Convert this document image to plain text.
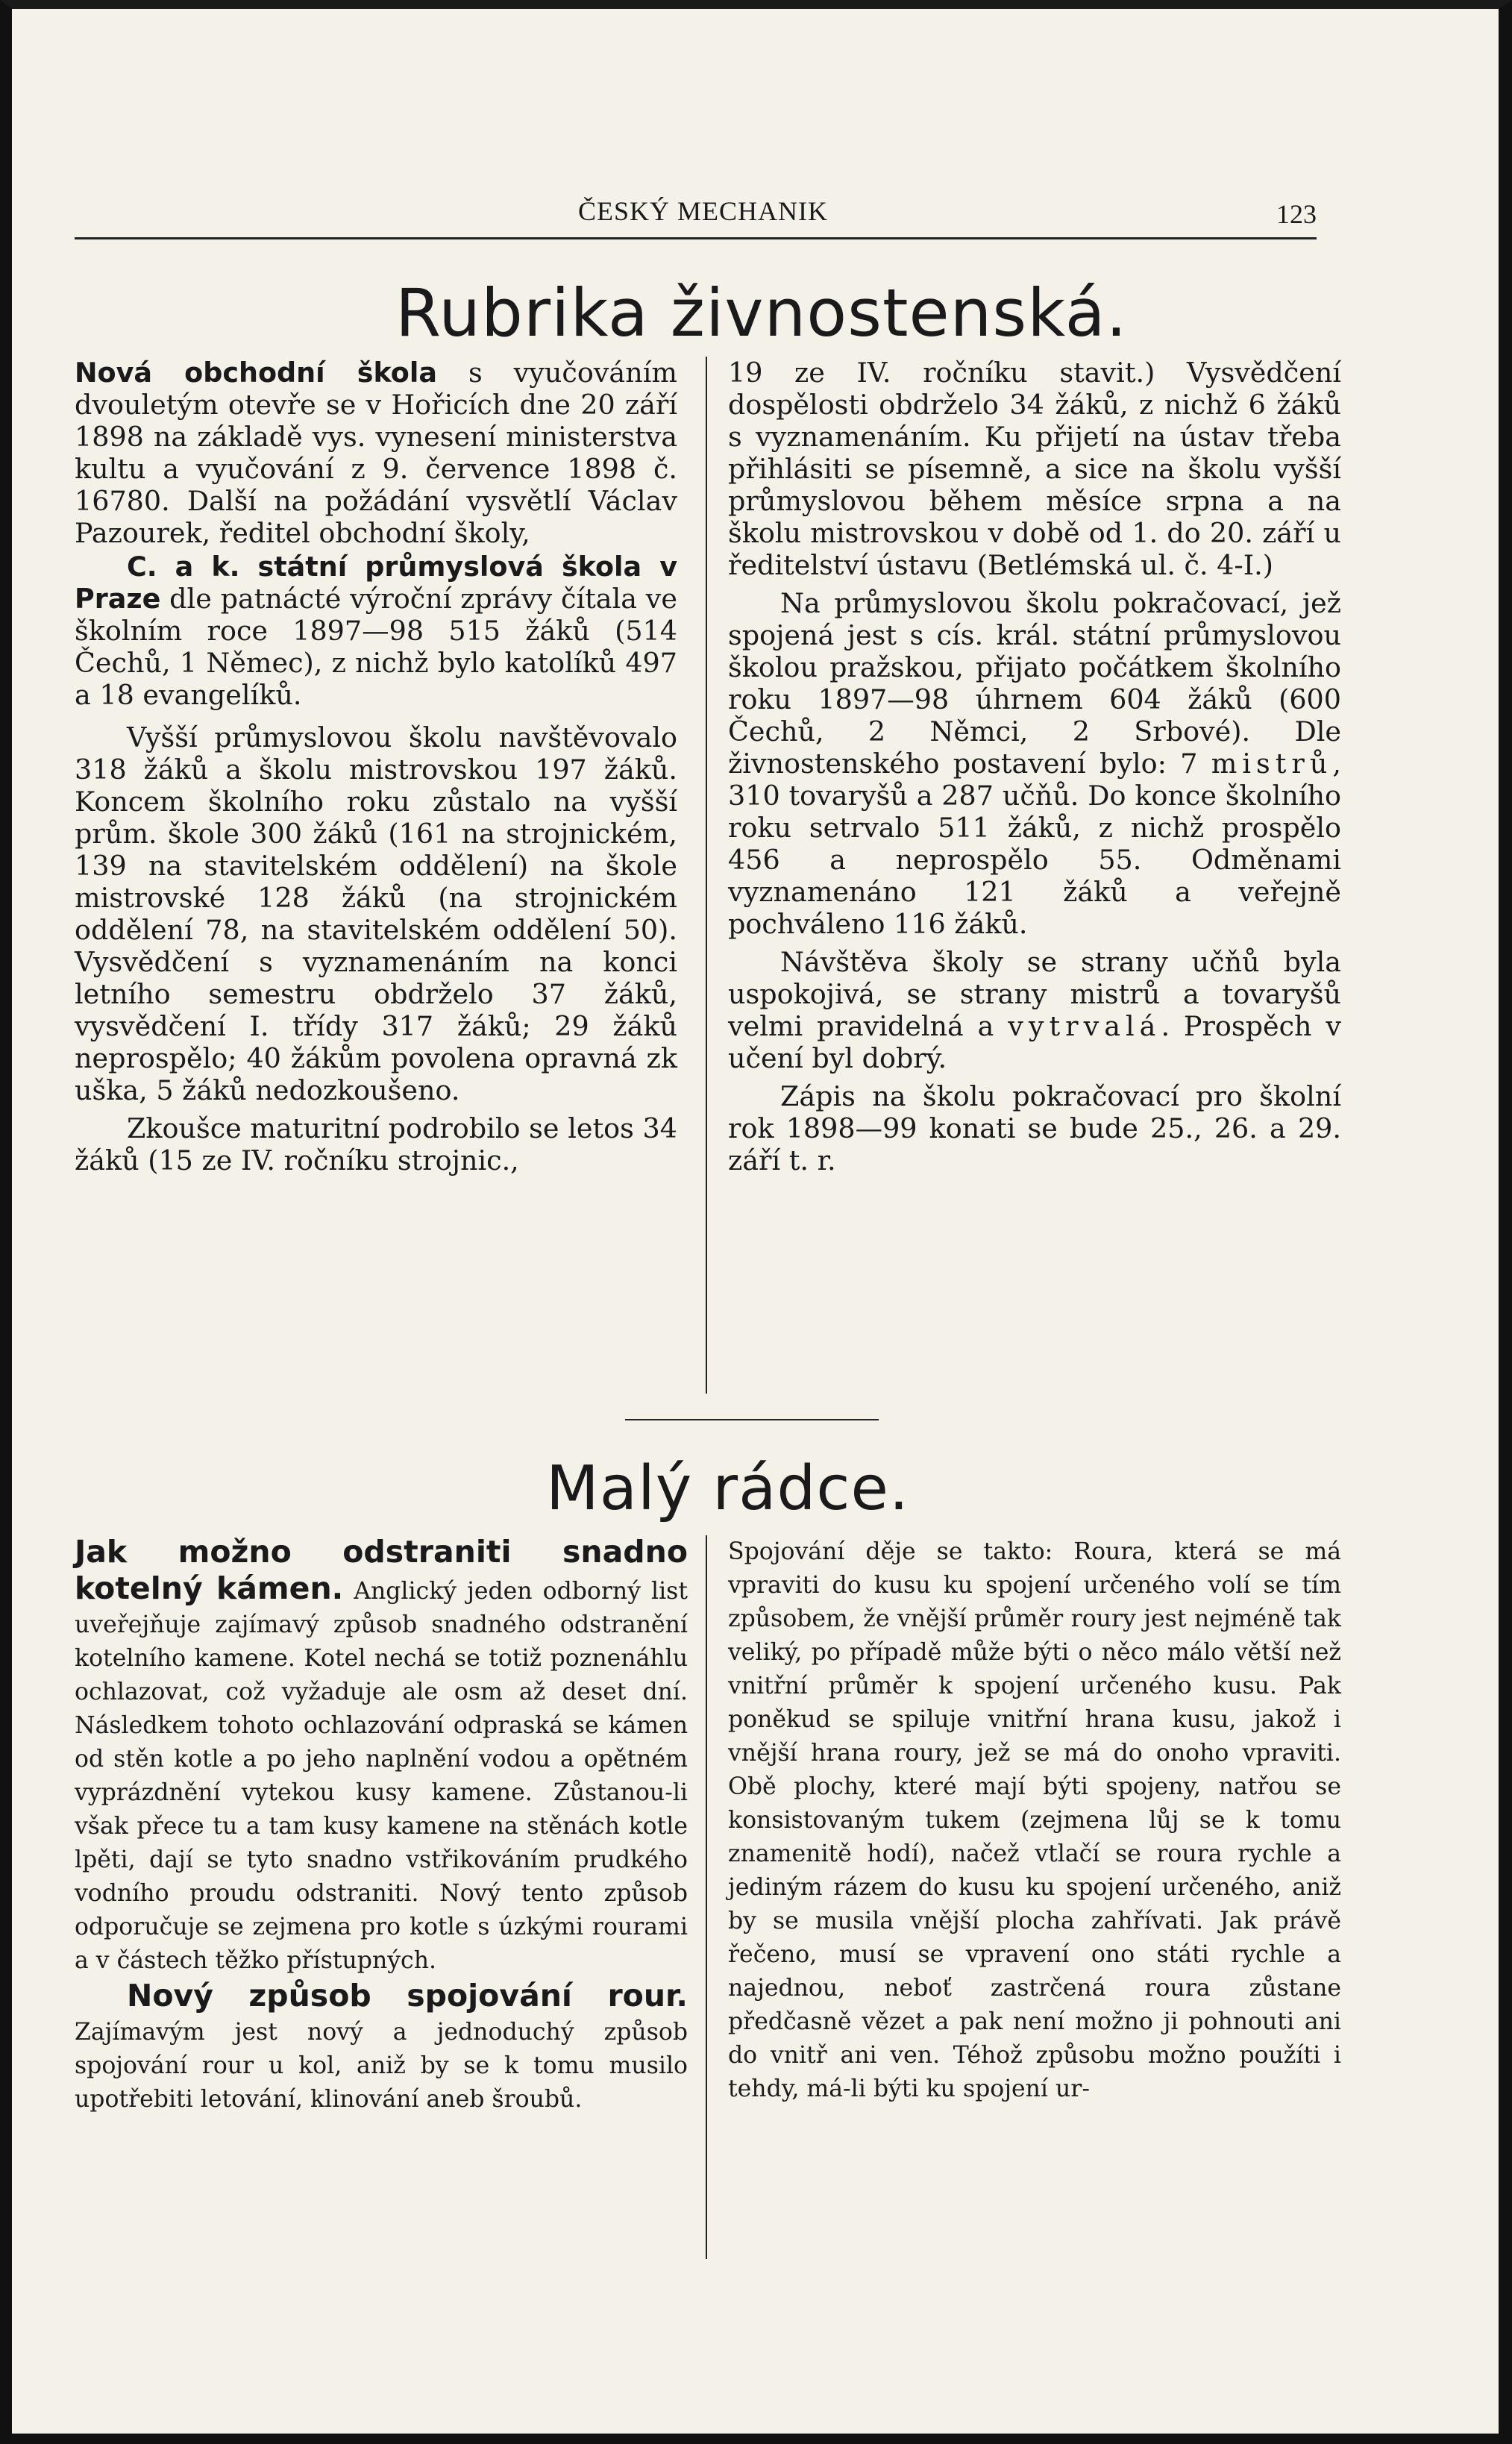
ČESKÝ MECHANIK	123
Rubrika živnostenská.

Nová obchodní škola s vyučováním dvouletým otevře se v Hořicích dne 20 září 1898 na základě vys. vynesení ministerstva kultu a vyučování z 9. července 1898 č. 16780. Další na požádání vysvětlí Václav Pazourek, ředitel obchodní školy,

C. a k. státní průmyslová škola v Praze dle patnácté výroční zprávy čítala ve školním roce 1897—98 515 žáků (514 Čechů, 1 Němec), z nichž bylo katolíků 497 a 18 evangelíků.

Vyšší průmyslovou školu navštěvovalo 318 žáků a školu mistrovskou 197 žáků. Koncem školního roku zůstalo na vyšší prům. škole 300 žáků (161 na strojnickém, 139 na stavitelském oddělení) na škole mistrovské 128 žáků (na strojnickém oddělení 78, na stavitelském oddělení 50). Vysvědčení s vyznamenáním na konci letního semestru obdrželo 37 žáků, vysvědčení I. třídy 317 žáků; 29 žáků neprospělo; 40 žákům povolena opravná zk uška, 5 žáků nedozkoušeno.

Zkoušce maturitní podrobilo se letos 34 žáků (15 ze IV. ročníku strojnic.,

19 ze IV. ročníku stavit.) Vysvědčení dospělosti obdrželo 34 žáků, z nichž 6 žáků s vyznamenáním. Ku přijetí na ústav třeba přihlásiti se písemně, a sice na školu vyšší průmyslovou během měsíce srpna a na školu mistrovskou v době od 1. do 20. září u ředitelství ústavu (Betlémská ul. č. 4-I.)

Na průmyslovou školu pokračovací, jež spojená jest s cís. král. státní průmyslovou školou pražskou, přijato počátkem školního roku 1897—98 úhrnem 604 žáků (600 Čechů, 2 Němci, 2 Srbové). Dle živnostenského postavení bylo: 7 mistrů, 310 tovaryšů a 287 učňů. Do konce školního roku setrvalo 511 žáků, z nichž prospělo 456 a neprospělo 55. Odměnami vyznamenáno 121 žáků a veřejně pochváleno 116 žáků.

Návštěva školy se strany učňů byla uspokojivá, se strany mistrů a tovaryšů velmi pravidelná a vytrvalá. Prospěch v učení byl dobrý.

Zápis na školu pokračovací pro školní rok 1898—99 konati se bude 25., 26. a 29. září t. r.

Malý rádce.

Jak možno odstraniti snadno kotelný kámen. Anglický jeden odborný list uveřejňuje zajímavý způsob snadného odstranění kotelního kamene. Kotel nechá se totiž poznenáhlu ochlazovat, což vyžaduje ale osm až deset dní. Následkem tohoto ochlazování odpraská se kámen od stěn kotle a po jeho naplnění vodou a opětném vyprázdnění vytekou kusy kamene. Zůstanou-li však přece tu a tam kusy kamene na stěnách kotle lpěti, dají se tyto snadno vstřikováním prudkého vodního proudu odstraniti. Nový tento způsob odporučuje se zejmena pro kotle s úzkými rourami a v částech těžko přístupných.

Nový způsob spojování rour. Zajímavým jest nový a jednoduchý způsob spojování rour u kol, aniž by se k tomu musilo upotřebiti letování, klinování aneb šroubů.

Spojování děje se takto: Roura, která se má vpraviti do kusu ku spojení určeného volí se tím způsobem, že vnější průměr roury jest nejméně tak veliký, po případě může býti o něco málo větší než vnitřní průměr k spojení určeného kusu. Pak poněkud se spiluje vnitřní hrana kusu, jakož i vnější hrana roury, jež se má do onoho vpraviti. Obě plochy, které mají býti spojeny, natřou se konsistovaným tukem (zejmena lůj se k tomu znamenitě hodí), načež vtlačí se roura rychle a jediným rázem do kusu ku spojení určeného, aniž by se musila vnější plocha zahřívati. Jak právě řečeno, musí se vpravení ono státi rychle a najednou, neboť zastrčená roura zůstane předčasně vězet a pak není možno ji pohnouti ani do vnitř ani ven. Téhož způsobu možno použíti i tehdy, má-li býti ku spojení ur-
